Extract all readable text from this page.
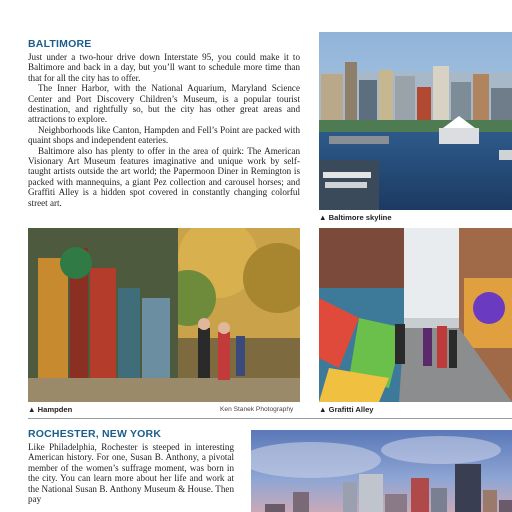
BALTIMORE

Just under a two-hour drive down Interstate 95, you could make it to Baltimore and back in a day, but you’ll want to schedule more time than that for all the city has to offer.

The Inner Harbor, with the National Aquarium, Maryland Science Center and Port Discovery Children’s Museum, is a popular tourist destination, and rightfully so, but the city has other great areas and attractions to explore.

Neighborhoods like Canton, Hampden and Fell’s Point are packed with quaint shops and independent eateries.

Baltimore also has plenty to offer in the area of quirk: The American Visionary Art Museum features imaginative and unique work by self-taught artists outside the art world; the Papermoon Diner in Remington is packed with mannequins, a giant Pez collection and carousel horses; and Graffiti Alley is a hidden spot covered in constantly changing colorful street art.

▲ Baltimore skyline
▲ Hampden	Ken Stanek Photography	▲ Grafitti Alley
ROCHESTER, NEW YORK

Like Philadelphia, Rochester is steeped in interesting American history. For one, Susan B. Anthony, a pivotal member of the women’s suffrage moment, was born in the city. You can learn more about her life and work at the National Susan B. Anthony Museum & House. Then pay
